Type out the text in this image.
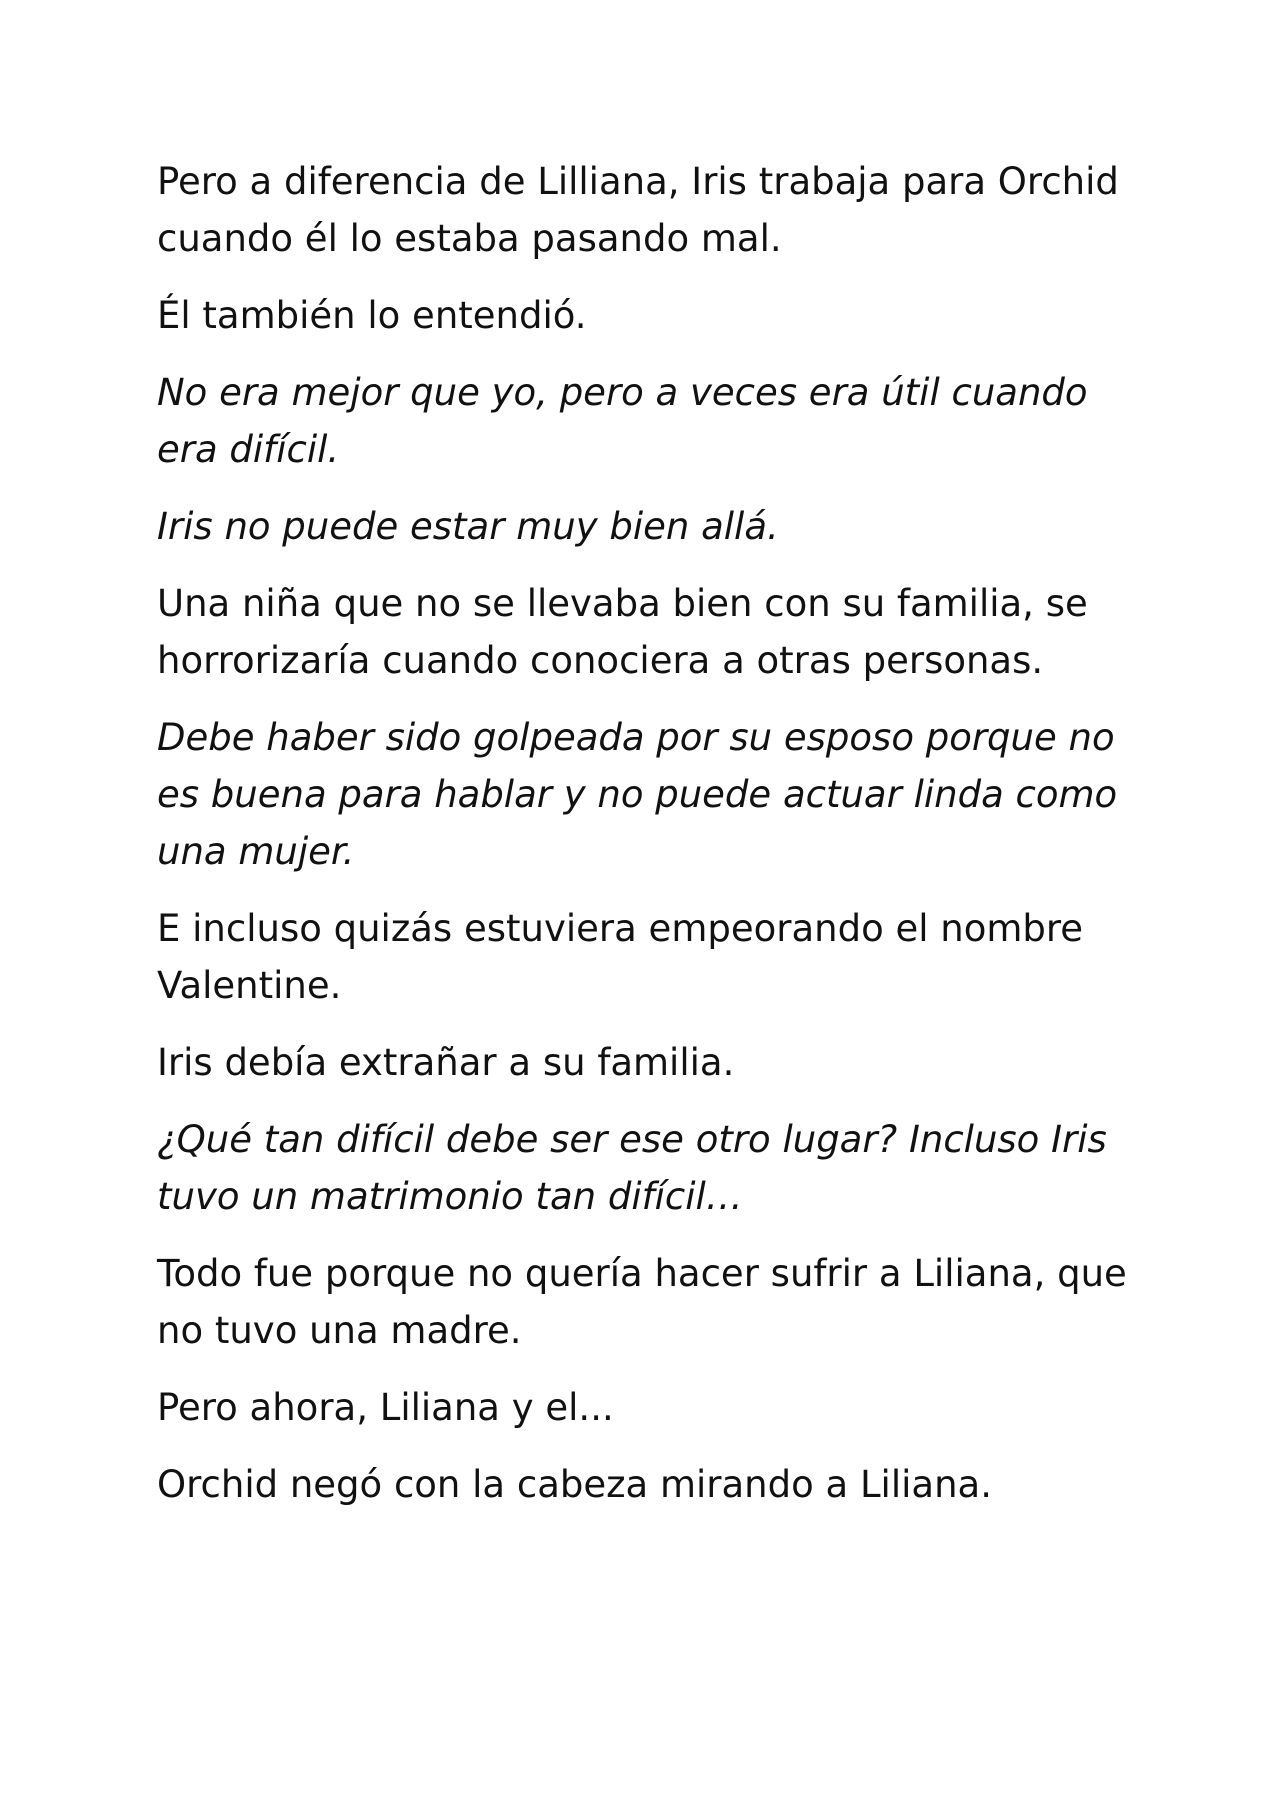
Pero a diferencia de Lilliana, Iris trabaja para Orchid cuando él lo estaba pasando mal.

Él también lo entendió.

No era mejor que yo, pero a veces era útil cuando era difícil.

Iris no puede estar muy bien allá.

Una niña que no se llevaba bien con su familia, se horrorizaría cuando conociera a otras personas.

Debe haber sido golpeada por su esposo porque no es buena para hablar y no puede actuar linda como una mujer.

E incluso quizás estuviera empeorando el nombre Valentine.

Iris debía extrañar a su familia.

¿Qué tan difícil debe ser ese otro lugar? Incluso Iris tuvo un matrimonio tan difícil…

Todo fue porque no quería hacer sufrir a Liliana, que no tuvo una madre.

Pero ahora, Liliana y el...

Orchid negó con la cabeza mirando a Liliana.
